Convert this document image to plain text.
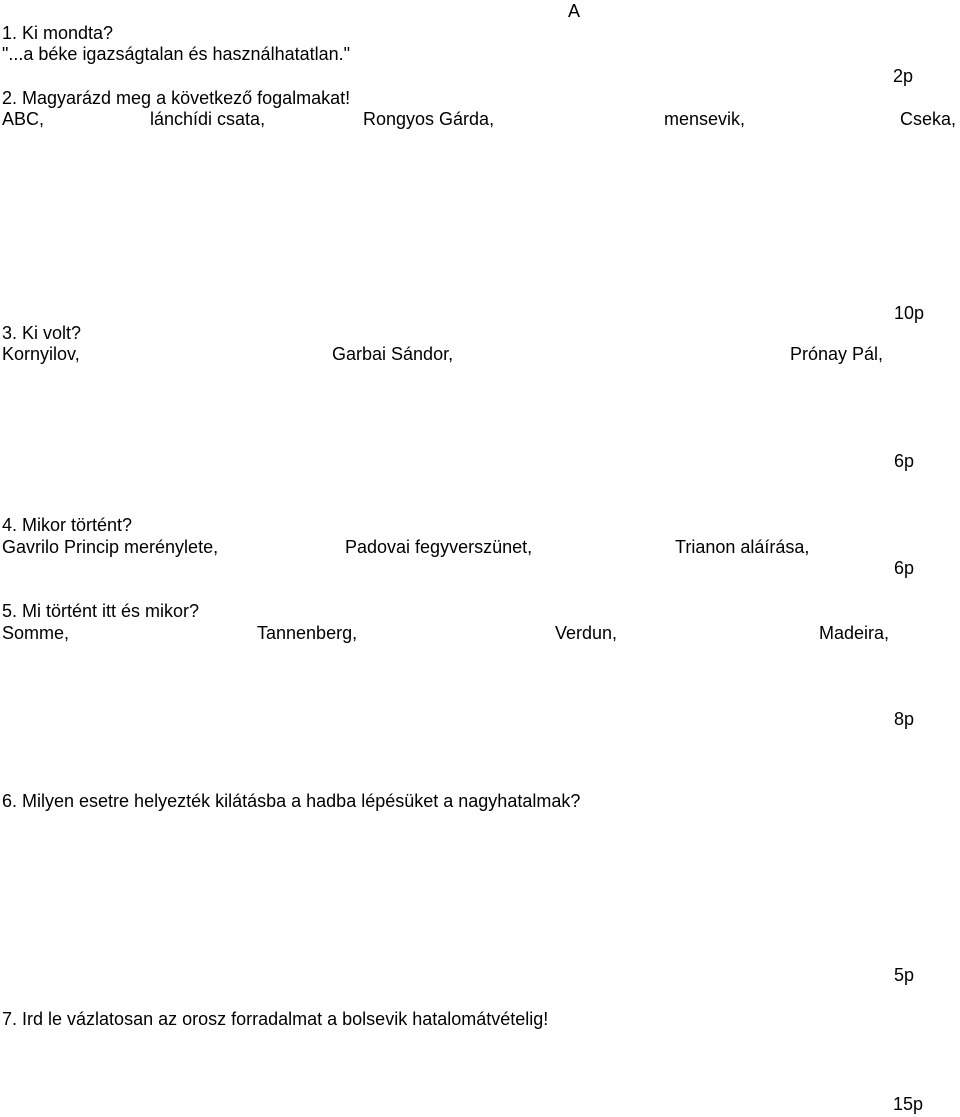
A
1. Ki mondta?
"...a béke igazságtalan és használhatatlan."
2p
2. Magyarázd meg a következő fogalmakat!
ABC,	lánchídi csata,	Rongyos Gárda,	mensevik,	Cseka,
10p
3. Ki volt?
Kornyilov,	Garbai Sándor,	Prónay Pál,
6p
4. Mikor történt?
Gavrilo Princip merénylete,	Padovai fegyverszünet,	Trianon aláírása,
6p
5. Mi történt itt és mikor?
Somme,	Tannenberg,	Verdun,	Madeira,
8p
6. Milyen esetre helyezték kilátásba a hadba lépésüket a nagyhatalmak?
5p
7. Ird le vázlatosan az orosz forradalmat a bolsevik hatalomátvételig!
15p
